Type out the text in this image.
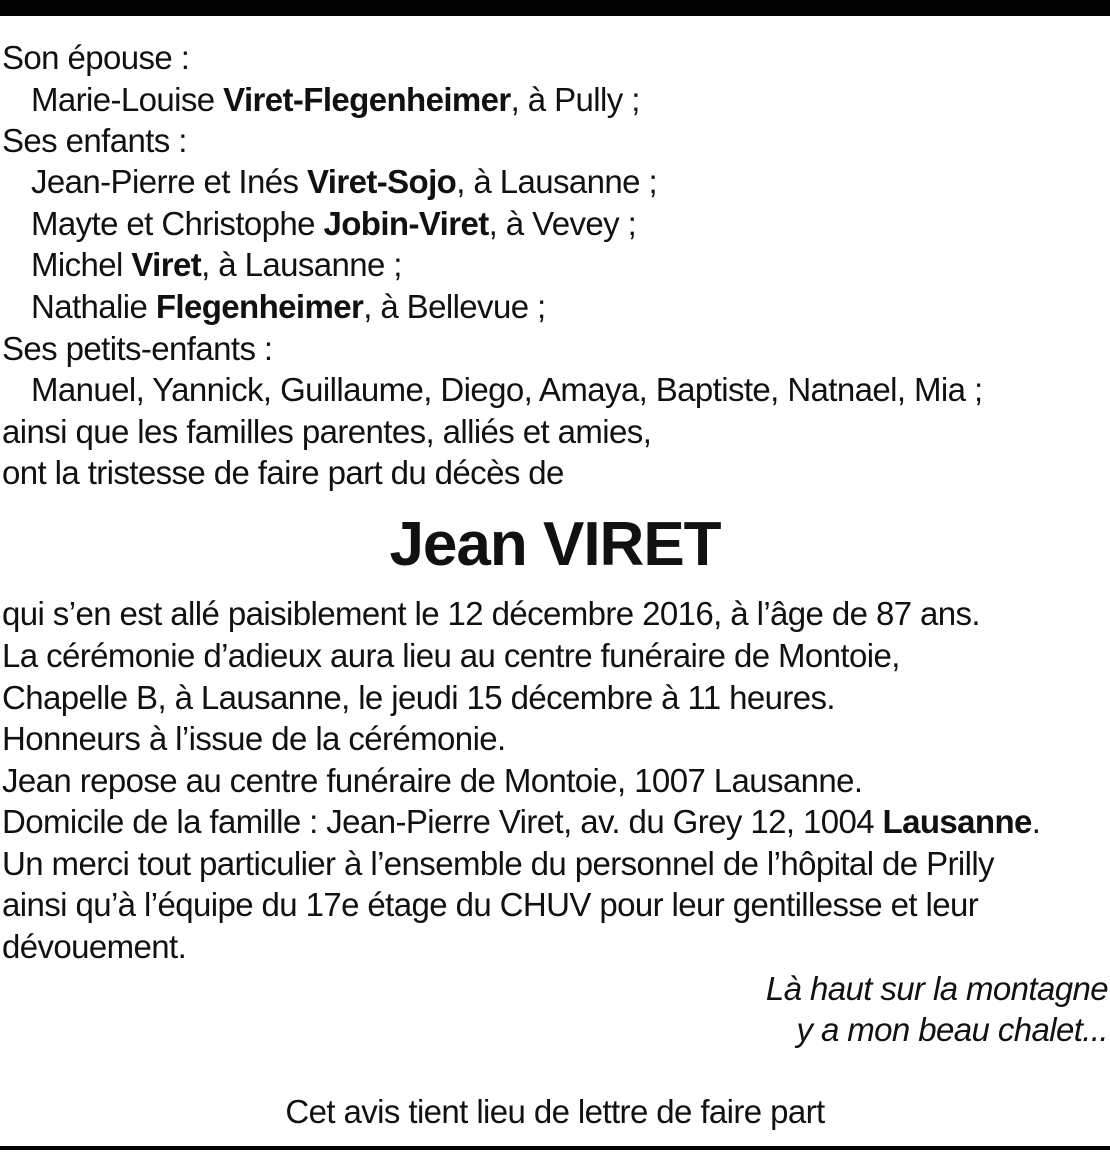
Son épouse :
Marie-Louise Viret-Flegenheimer, à Pully ;
Ses enfants :
Jean-Pierre et Inés Viret-Sojo, à Lausanne ;
Mayte et Christophe Jobin-Viret, à Vevey ;
Michel Viret, à Lausanne ;
Nathalie Flegenheimer, à Bellevue ;
Ses petits-enfants :
Manuel, Yannick, Guillaume, Diego, Amaya, Baptiste, Natnael, Mia ;
ainsi que les familles parentes, alliés et amies,
ont la tristesse de faire part du décès de
Jean VIRET
qui s’en est allé paisiblement le 12 décembre 2016, à l’âge de 87 ans.
La cérémonie d’adieux aura lieu au centre funéraire de Montoie,
Chapelle B, à Lausanne, le jeudi 15 décembre à 11 heures.
Honneurs à l’issue de la cérémonie.
Jean repose au centre funéraire de Montoie, 1007 Lausanne.
Domicile de la famille : Jean-Pierre Viret, av. du Grey 12, 1004 Lausanne.
Un merci tout particulier à l’ensemble du personnel de l’hôpital de Prilly
ainsi qu’à l’équipe du 17e étage du CHUV pour leur gentillesse et leur
dévouement.
Là haut sur la montagne
y a mon beau chalet...
Cet avis tient lieu de lettre de faire part
